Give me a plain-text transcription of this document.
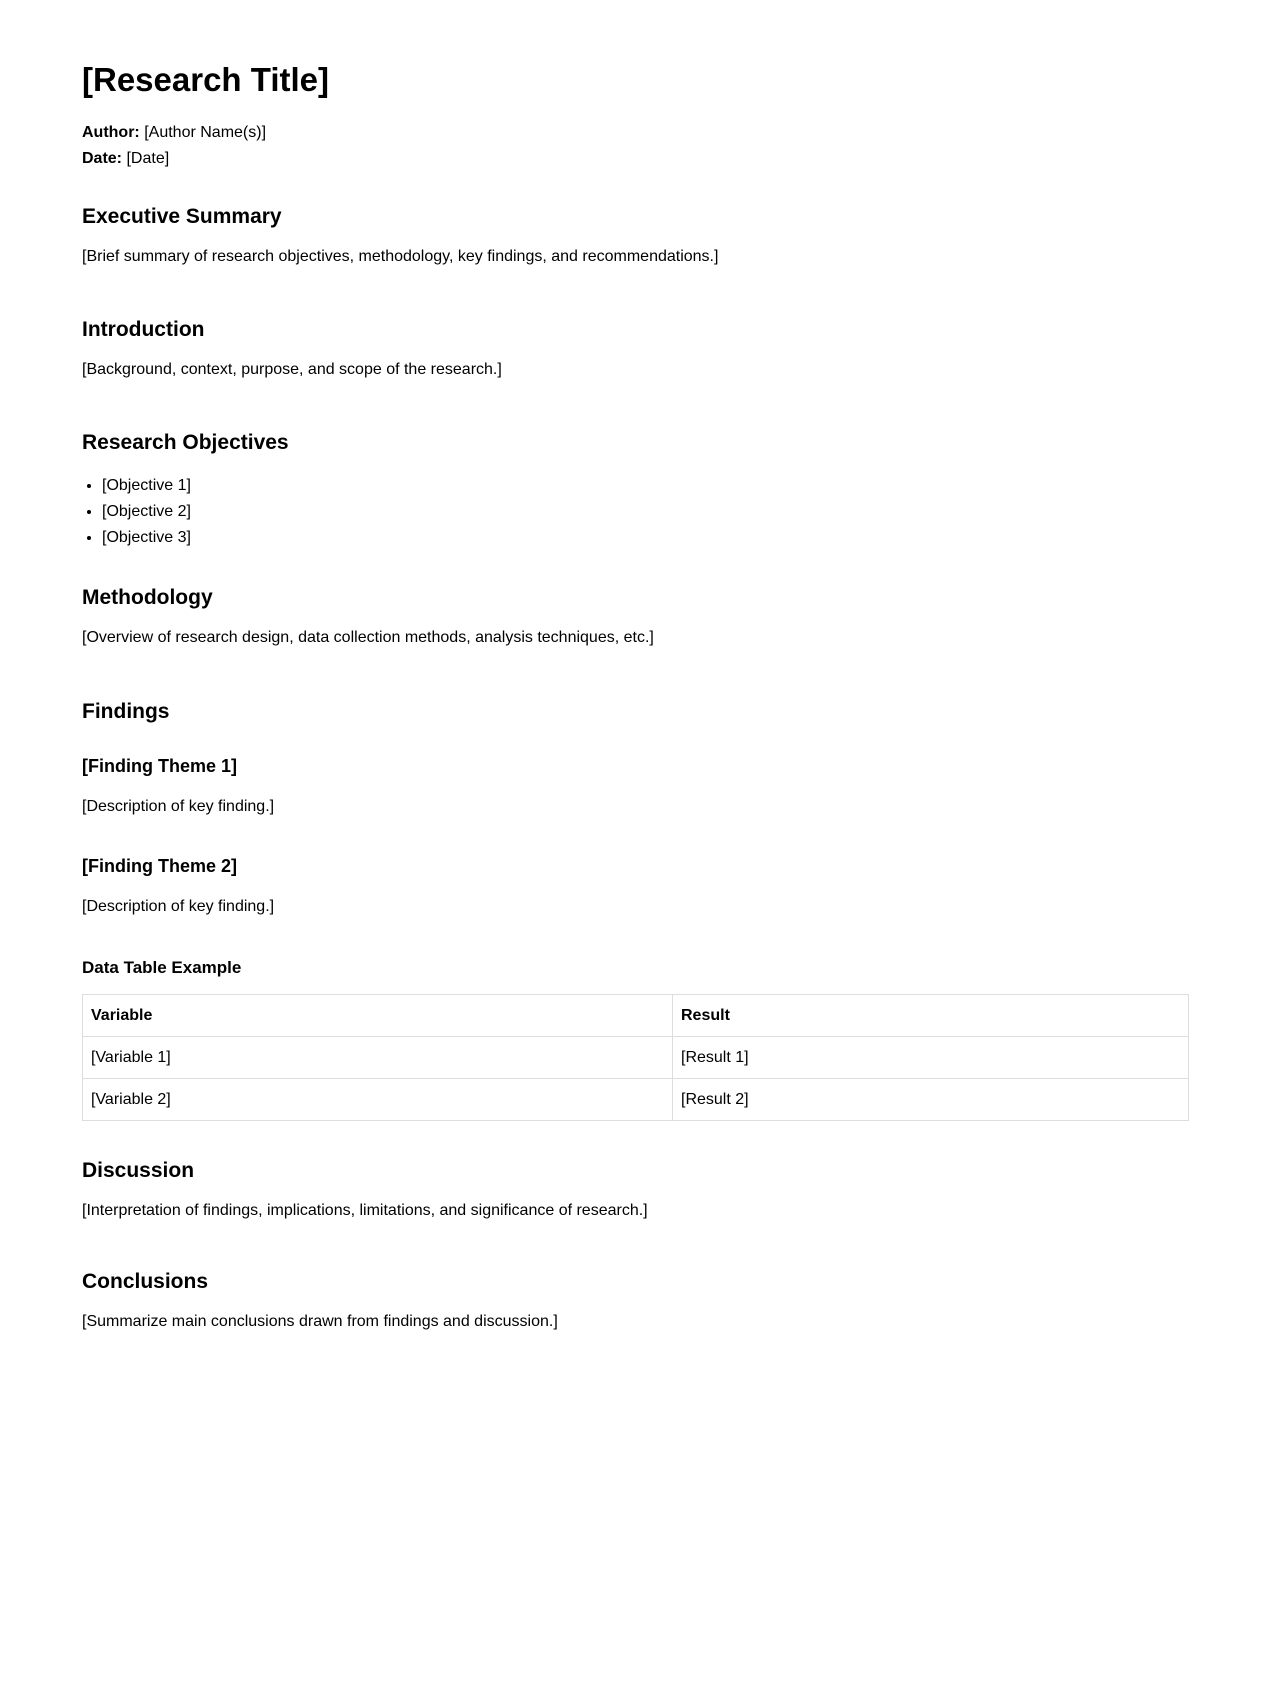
[Research Title]
Author: [Author Name(s)]
Date: [Date]
Executive Summary

[Brief summary of research objectives, methodology, key findings, and recommendations.]

Introduction

[Background, context, purpose, and scope of the research.]

Research Objectives
• [Objective 1]
• [Objective 2]
• [Objective 3]
Methodology

[Overview of research design, data collection methods, analysis techniques, etc.]

Findings
[Finding Theme 1]

[Description of key finding.]

[Finding Theme 2]

[Description of key finding.]

Data Table Example
Variable	Result
[Variable 1]	[Result 1]
[Variable 2]	[Result 2]
Discussion

[Interpretation of findings, implications, limitations, and significance of research.]

Conclusions

[Summarize main conclusions drawn from findings and discussion.]
